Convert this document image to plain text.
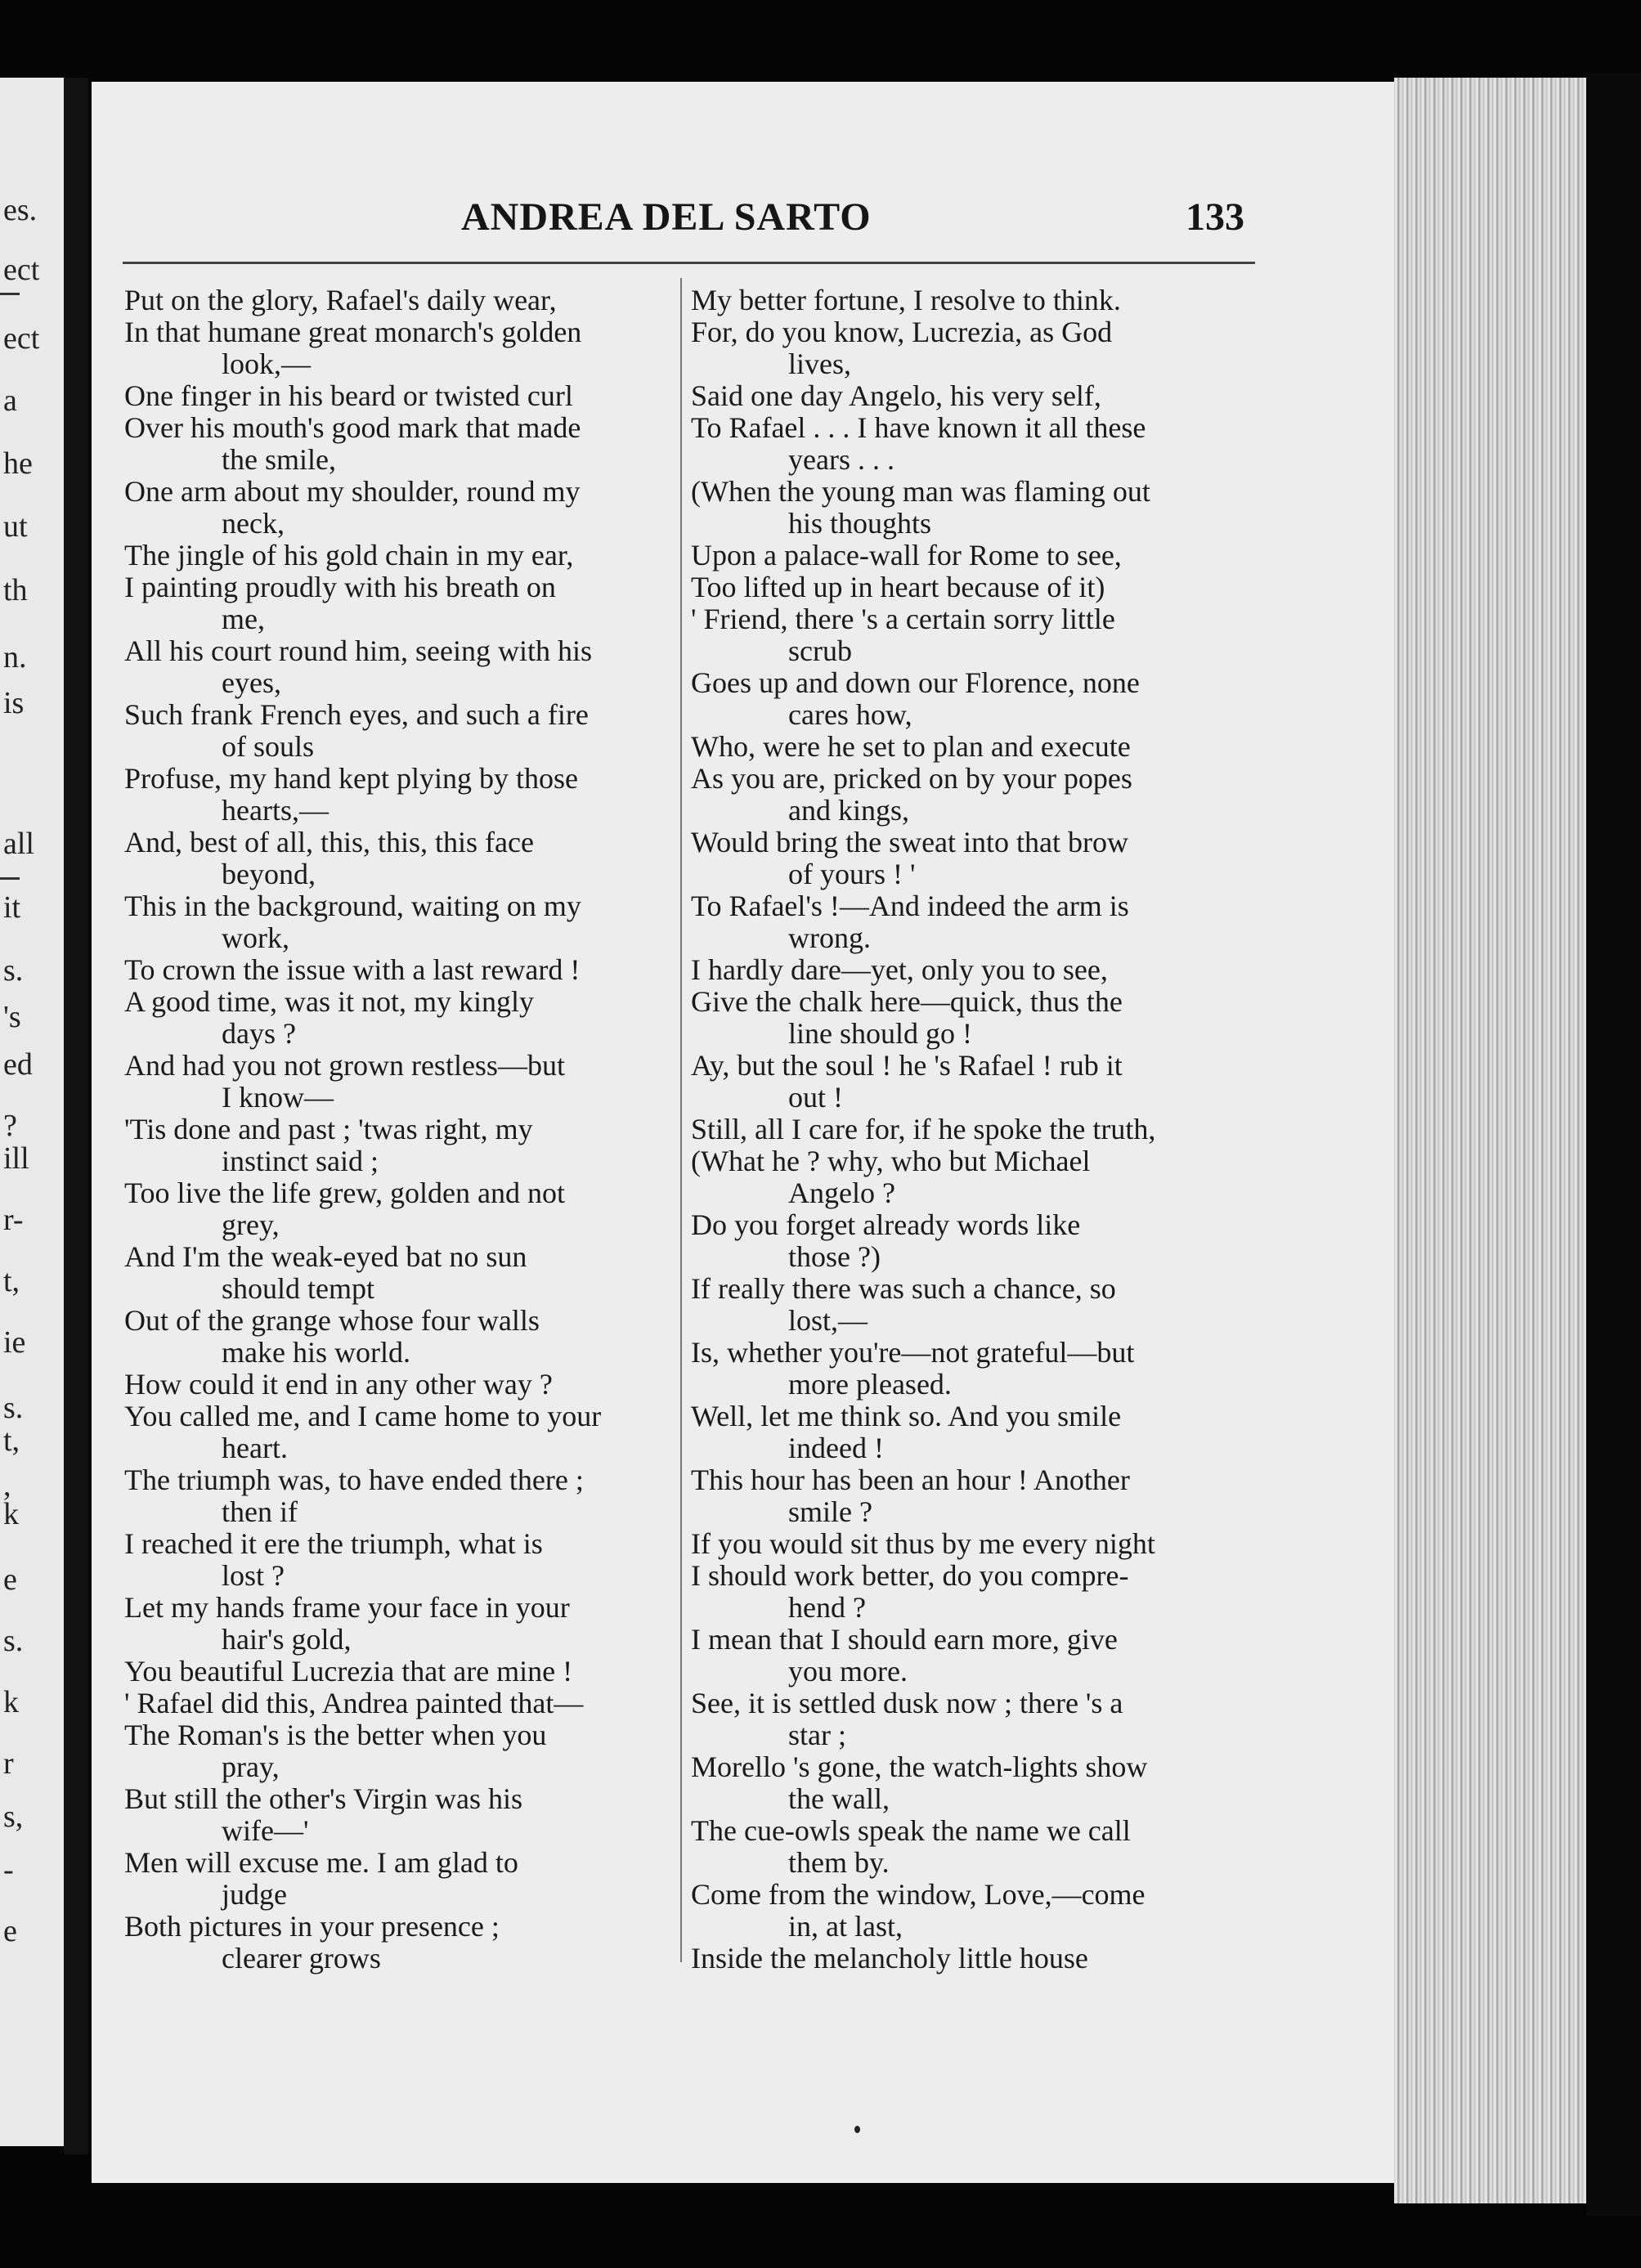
es.
ect
ect
a
he
ut
th
n.
is
all
it
s.
's
ed
?
ill
r-
t,
ie
s.
t,
,
k
e
s.
k
r
s,
-
e
ANDREA DEL SARTO	133
Put on the glory, Rafael's daily wear,
In that humane great monarch's golden
look,—
One finger in his beard or twisted curl
Over his mouth's good mark that made
the smile,
One arm about my shoulder, round my
neck,
The jingle of his gold chain in my ear,
I painting proudly with his breath on
me,
All his court round him, seeing with his
eyes,
Such frank French eyes, and such a fire
of souls
Profuse, my hand kept plying by those
hearts,—
And, best of all, this, this, this face
beyond,
This in the background, waiting on my
work,
To crown the issue with a last reward !
A good time, was it not, my kingly
days ?
And had you not grown restless—but
I know—
'Tis done and past ; 'twas right, my
instinct said ;
Too live the life grew, golden and not
grey,
And I'm the weak-eyed bat no sun
should tempt
Out of the grange whose four walls
make his world.
How could it end in any other way ?
You called me, and I came home to your
heart.
The triumph was, to have ended there ;
then if
I reached it ere the triumph, what is
lost ?
Let my hands frame your face in your
hair's gold,
You beautiful Lucrezia that are mine !
' Rafael did this, Andrea painted that—
The Roman's is the better when you
pray,
But still the other's Virgin was his
wife—'
Men will excuse me. I am glad to
judge
Both pictures in your presence ;
clearer grows
My better fortune, I resolve to think.
For, do you know, Lucrezia, as God
lives,
Said one day Angelo, his very self,
To Rafael . . . I have known it all these
years . . .
(When the young man was flaming out
his thoughts
Upon a palace-wall for Rome to see,
Too lifted up in heart because of it)
' Friend, there 's a certain sorry little
scrub
Goes up and down our Florence, none
cares how,
Who, were he set to plan and execute
As you are, pricked on by your popes
and kings,
Would bring the sweat into that brow
of yours ! '
To Rafael's !—And indeed the arm is
wrong.
I hardly dare—yet, only you to see,
Give the chalk here—quick, thus the
line should go !
Ay, but the soul ! he 's Rafael ! rub it
out !
Still, all I care for, if he spoke the truth,
(What he ? why, who but Michael
Angelo ?
Do you forget already words like
those ?)
If really there was such a chance, so
lost,—
Is, whether you're—not grateful—but
more pleased.
Well, let me think so. And you smile
indeed !
This hour has been an hour ! Another
smile ?
If you would sit thus by me every night
I should work better, do you compre-
hend ?
I mean that I should earn more, give
you more.
See, it is settled dusk now ; there 's a
star ;
Morello 's gone, the watch-lights show
the wall,
The cue-owls speak the name we call
them by.
Come from the window, Love,—come
in, at last,
Inside the melancholy little house
